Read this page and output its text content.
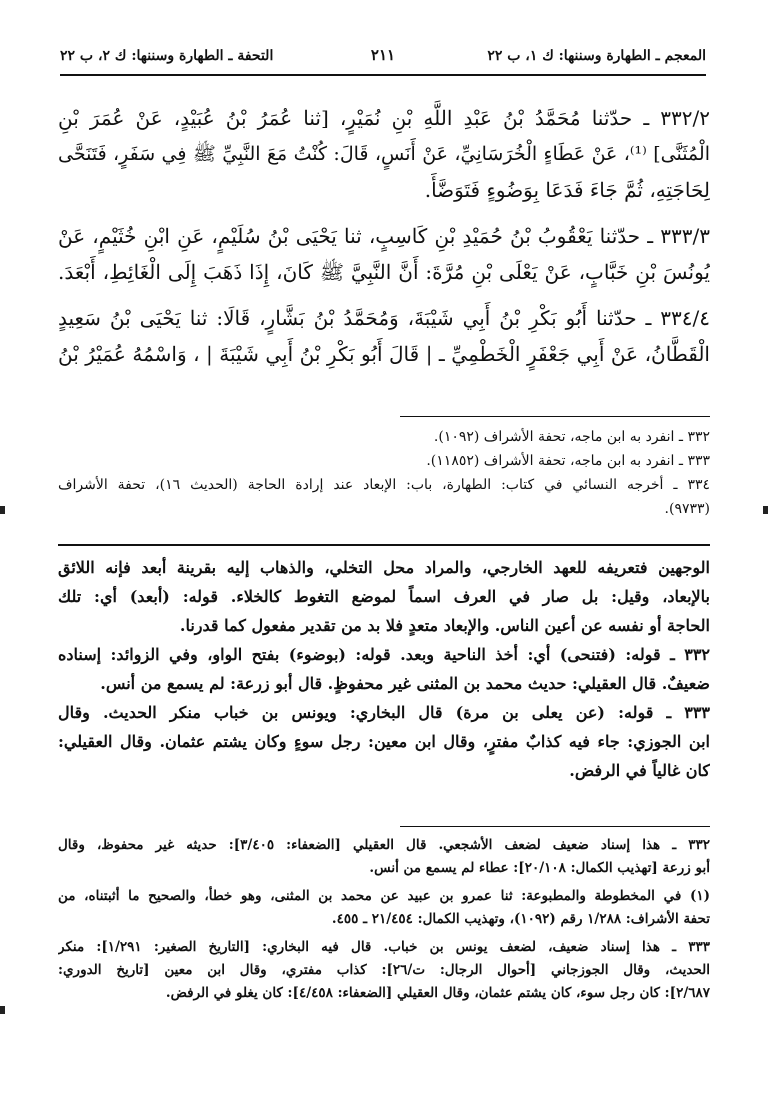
المعجم ـ الطهارة وسننها: ك ١، ب ٢٢
٢١١
التحفة ـ الطهارة وسننها: ك ٢، ب ٢٢
٣٣٢/٢ ـ حدّثنا مُحَمَّدُ بْنُ عَبْدِ اللَّهِ بْنِ نُمَيْرٍ، [ثنا عُمَرُ بْنُ عُبَيْدٍ، عَنْ عُمَرَ بْنِ
الْمُثَنَّى] ⁽¹⁾، عَنْ عَطَاءٍ الْخُرَسَانِيِّ، عَنْ أَنَسٍ، قَالَ: كُنْتُ مَعَ النَّبِيِّ ﷺ فِي سَفَرٍ، فَتَنَحَّى
لِحَاجَتِهِ، ثُمَّ جَاءَ فَدَعَا بِوَضُوءٍ فَتَوَضَّأَ.
٣٣٣/٣ ـ حدّثنا يَعْقُوبُ بْنُ حُمَيْدِ بْنِ كَاسِبٍ، ثنا يَحْيَى بْنُ سُلَيْمٍ، عَنِ ابْنِ خُثَيْمٍ، عَنْ
يُونُسَ بْنِ خَبَّابٍ، عَنْ يَعْلَى بْنِ مُرَّةَ: أَنَّ النَّبِيَّ ﷺ كَانَ، إِذَا ذَهَبَ إِلَى الْغَائِطِ، أَبْعَدَ.
٣٣٤/٤ ـ حدّثنا أَبُو بَكْرِ بْنُ أَبِي شَيْبَةَ، وَمُحَمَّدُ بْنُ بَشَّارٍ، قَالَا: ثنا يَحْيَى بْنُ سَعِيدٍ
الْقَطَّانُ، عَنْ أَبِي جَعْفَرٍ الْخَطْمِيِّ ـ | قَالَ أَبُو بَكْرِ بْنُ أَبِي شَيْبَةَ | ، وَاسْمُهُ عُمَيْرُ بْنُ
٣٣٢ ـ انفرد به ابن ماجه، تحفة الأشراف (١٠٩٢).
٣٣٣ ـ انفرد به ابن ماجه، تحفة الأشراف (١١٨٥٢).
٣٣٤ ـ أخرجه النسائي في كتاب: الطهارة، باب: الإبعاد عند إرادة الحاجة (الحديث ١٦)، تحفة الأشراف
(٩٧٣٣).
الوجهين فتعريفه للعهد الخارجي، والمراد محل التخلي، والذهاب إليه بقرينة أبعد فإنه اللائق
بالإبعاد، وقيل: بل صار في العرف اسماً لموضع التغوط كالخلاء. قوله: (أبعد) أي: تلك
الحاجة أو نفسه عن أعين الناس. والإبعاد متعدٍ فلا بد من تقدير مفعول كما قدرنا.
٣٣٢ ـ قوله: (فتنحى) أي: أخذ الناحية وبعد. قوله: (بوضوء) بفتح الواو، وفي الزوائد: إسناده
ضعيفٌ. قال العقيلي: حديث محمد بن المثنى غير محفوظٍ. قال أبو زرعة: لم يسمع من أنس.
٣٣٣ ـ قوله: (عن يعلى بن مرة) قال البخاري: ويونس بن خباب منكر الحديث. وقال
ابن الجوزي: جاء فيه كذابٌ مفترٍ، وقال ابن معين: رجل سوءٍ وكان يشتم عثمان. وقال العقيلي:
كان غالياً في الرفض.
٣٣٢ ـ هذا إسناد ضعيف لضعف الأشجعي. قال العقيلي [الضعفاء: ٣/٤٠٥]: حديثه غير محفوظ، وقال
أبو زرعة [تهذيب الكمال: ٢٠/١٠٨]: عطاء لم يسمع من أنس.
(١) في المخطوطة والمطبوعة: ثنا عمرو بن عبيد عن محمد بن المثنى، وهو خطأ، والصحيح ما أثبتناه، من
تحفة الأشراف: ١/٢٨٨ رقم (١٠٩٢)، وتهذيب الكمال: ٢١/٤٥٤ ـ ٤٥٥.
٣٣٣ ـ هذا إسناد ضعيف، لضعف يونس بن خباب. قال فيه البخاري: [التاريخ الصغير: ١/٢٩١]: منكر
الحديث، وقال الجوزجاني [أحوال الرجال: ت/٢٦]: كذاب مفتري، وقال ابن معين [تاريخ الدوري:
٢/٦٨٧]: كان رجل سوء، كان يشتم عثمان، وقال العقيلي [الضعفاء: ٤/٤٥٨]: كان يغلو في الرفض.
